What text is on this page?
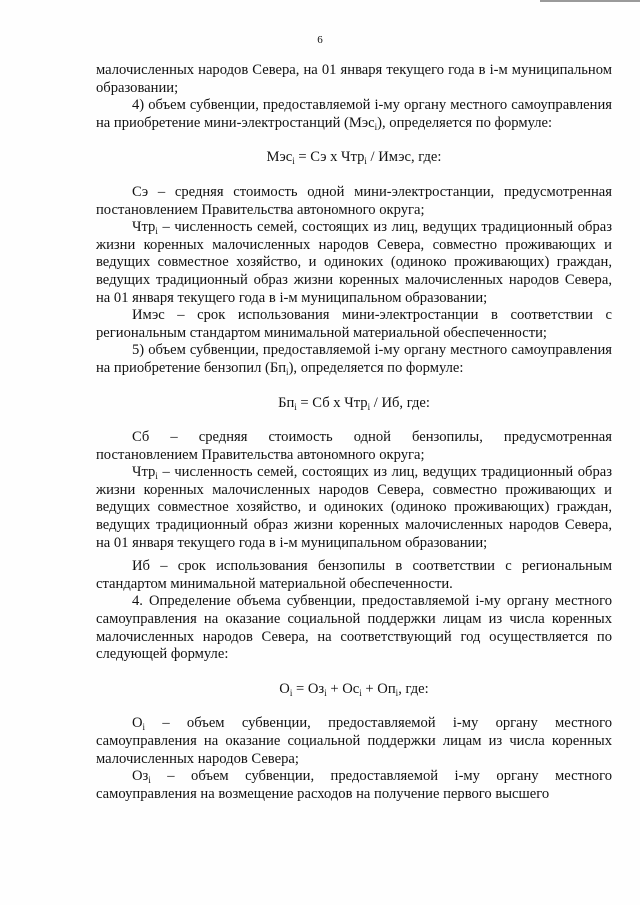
6

малочисленных народов Севера, на 01 января текущего года в i-м муниципальном образовании;

4) объем субвенции, предоставляемой i-му органу местного самоуправления на приобретение мини-электростанций (Мэс$_i$), определяется по формуле:

Мэс$_i$ = Сэ x Чтр$_i$ / Имэс, где:

Сэ – средняя стоимость одной мини-электростанции, предусмотренная постановлением Правительства автономного округа;

Чтр$_i$ – численность семей, состоящих из лиц, ведущих традиционный образ жизни коренных малочисленных народов Севера, совместно проживающих и ведущих совместное хозяйство, и одиноких (одиноко проживающих) граждан, ведущих традиционный образ жизни коренных малочисленных народов Севера, на 01 января текущего года в i-м муниципальном образовании;

Имэс – срок использования мини-электростанции в соответствии с региональным стандартом минимальной материальной обеспеченности;

5) объем субвенции, предоставляемой i-му органу местного самоуправления на приобретение бензопил $(Бп_i)$, определяется по формуле:

$Бп_i$ = Сб x Чтр$_i$ / Иб, где:

Сб – средняя стоимость одной бензопилы, предусмотренная постановлением Правительства автономного округа;

Чтр$_i$ – численность семей, состоящих из лиц, ведущих традиционный образ жизни коренных малочисленных народов Севера, совместно проживающих и ведущих совместное хозяйство, и одиноких (одиноко проживающих) граждан, ведущих традиционный образ жизни коренных малочисленных народов Севера, на 01 января текущего года в i-м муниципальном образовании;

Иб – срок использования бензопилы в соответствии с региональным стандартом минимальной материальной обеспеченности.

4. Определение объема субвенции, предоставляемой i-му органу местного самоуправления на оказание социальной поддержки лицам из числа коренных малочисленных народов Севера, на соответствующий год осуществляется по следующей формуле:

$О_i = Оз_i + Ос_i + Оп_i$, где:

$О_i$ – объем субвенции, предоставляемой i-му органу местного самоуправления на оказание социальной поддержки лицам из числа коренных малочисленных народов Севера;

$Оз_i$ – объем субвенции, предоставляемой i-му органу местного самоуправления на возмещение расходов на получение первого высшего
